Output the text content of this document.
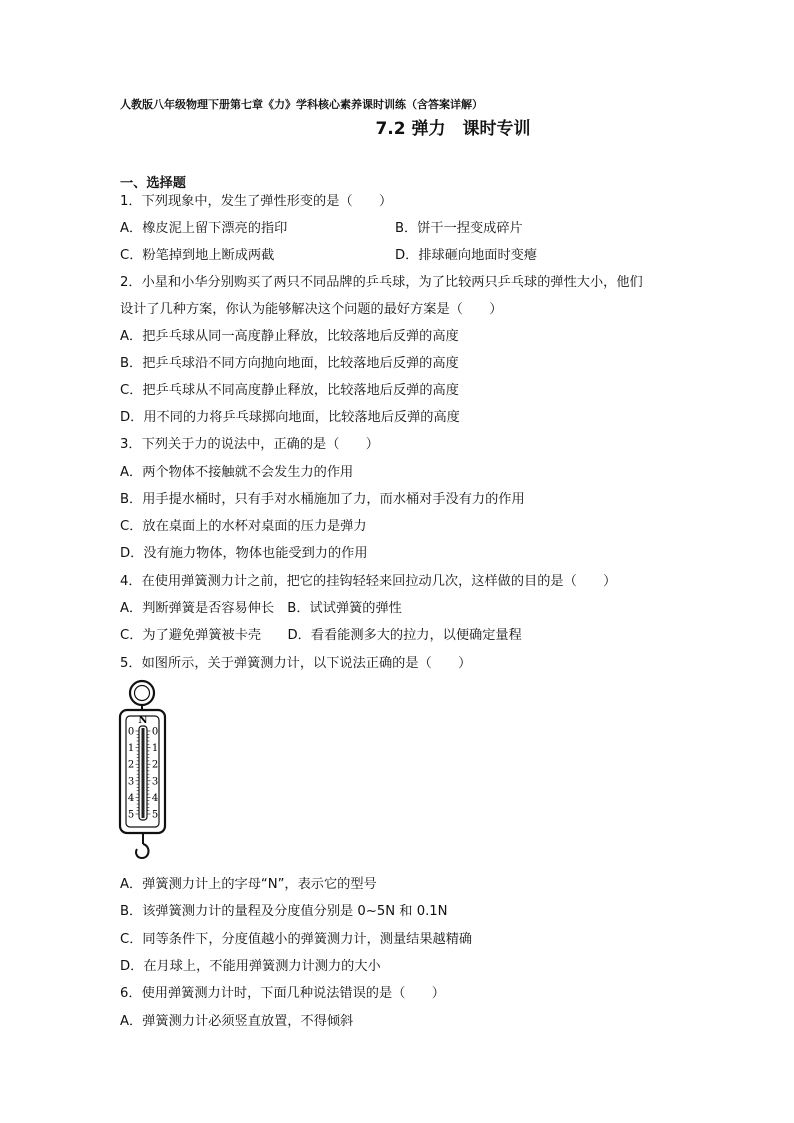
人教版八年级物理下册第七章《力》学科核心素养课时训练（含答案详解）
7.2 弹力　课时专训
一、选择题
1．下列现象中，发生了弹性形变的是（　　）
A．橡皮泥上留下漂亮的指印	B．饼干一捏变成碎片
C．粉笔掉到地上断成两截	D．排球砸向地面时变瘪
2．小星和小华分别购买了两只不同品牌的乒乓球，为了比较两只乒乓球的弹性大小，他们
设计了几种方案，你认为能够解决这个问题的最好方案是（　　）
A．把乒乓球从同一高度静止释放，比较落地后反弹的高度
B．把乒乓球沿不同方向抛向地面，比较落地后反弹的高度
C．把乒乓球从不同高度静止释放，比较落地后反弹的高度
D．用不同的力将乒乓球掷向地面，比较落地后反弹的高度
3．下列关于力的说法中，正确的是（　　）
A．两个物体不接触就不会发生力的作用
B．用手提水桶时，只有手对水桶施加了力，而水桶对手没有力的作用
C．放在桌面上的水杯对桌面的压力是弹力
D．没有施力物体，物体也能受到力的作用
4．在使用弹簧测力计之前，把它的挂钩轻轻来回拉动几次，这样做的目的是（　　）
A．判断弹簧是否容易伸长　B．试试弹簧的弹性
C．为了避免弹簧被卡壳　　D．看看能测多大的拉力，以便确定量程
5．如图所示，关于弹簧测力计，以下说法正确的是（　　）
N
0
1
2
3
4
5
0
1
2
3
4
5
A．弹簧测力计上的字母“N”，表示它的型号
B．该弹簧测力计的量程及分度值分别是 0~5N 和 0.1N
C．同等条件下，分度值越小的弹簧测力计，测量结果越精确
D．在月球上，不能用弹簧测力计测力的大小
6．使用弹簧测力计时，下面几种说法错误的是（　　）
A．弹簧测力计必须竖直放置，不得倾斜
